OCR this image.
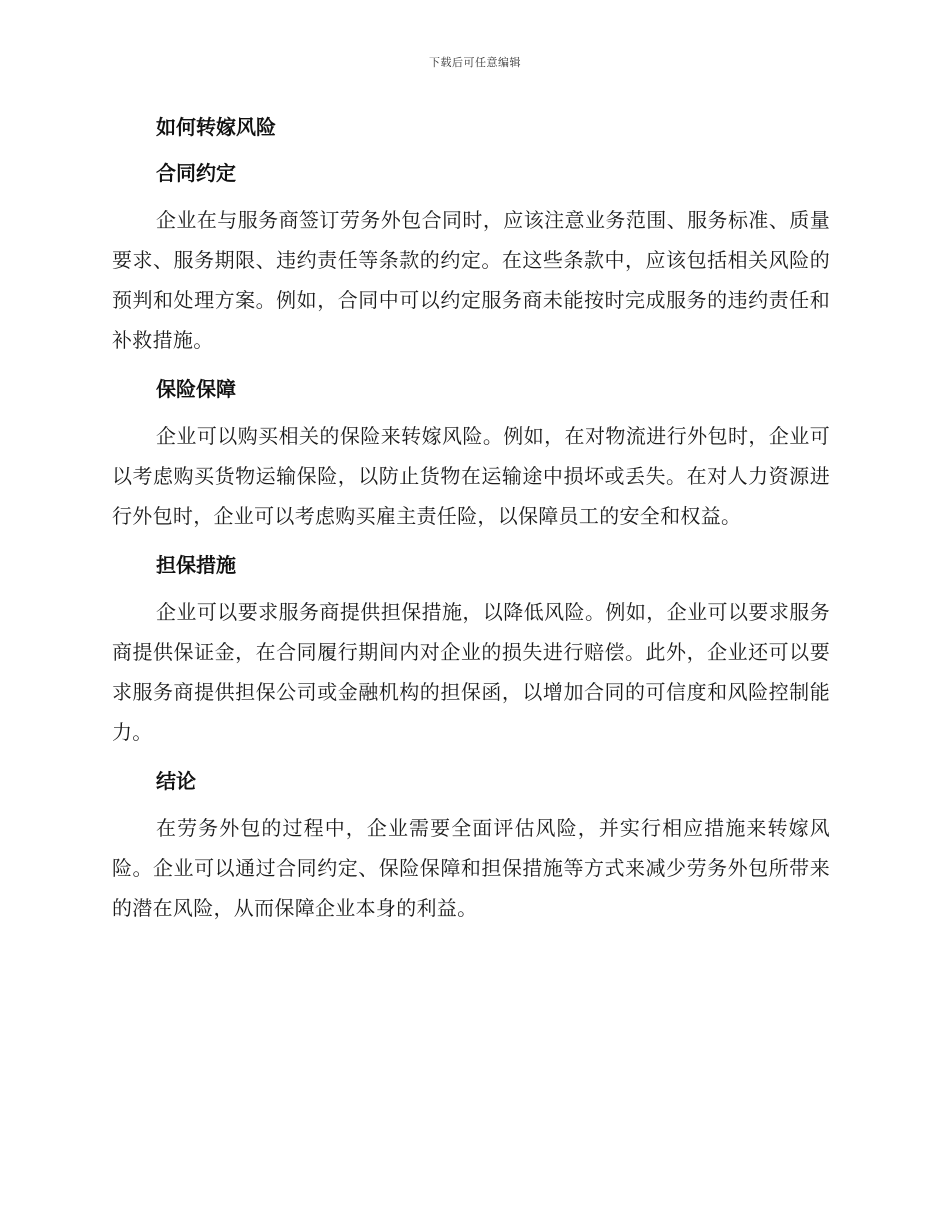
下载后可任意编辑
如何转嫁风险
合同约定

企业在与服务商签订劳务外包合同时，应该注意业务范围、服务标准、质量要求、服务期限、违约责任等条款的约定。在这些条款中，应该包括相关风险的预判和处理方案。例如，合同中可以约定服务商未能按时完成服务的违约责任和补救措施。

保险保障

企业可以购买相关的保险来转嫁风险。例如，在对物流进行外包时，企业可以考虑购买货物运输保险，以防止货物在运输途中损坏或丢失。在对人力资源进行外包时，企业可以考虑购买雇主责任险，以保障员工的安全和权益。

担保措施

企业可以要求服务商提供担保措施，以降低风险。例如，企业可以要求服务商提供保证金，在合同履行期间内对企业的损失进行赔偿。此外，企业还可以要求服务商提供担保公司或金融机构的担保函，以增加合同的可信度和风险控制能力。

结论

在劳务外包的过程中，企业需要全面评估风险，并实行相应措施来转嫁风险。企业可以通过合同约定、保险保障和担保措施等方式来减少劳务外包所带来的潜在风险，从而保障企业本身的利益。
